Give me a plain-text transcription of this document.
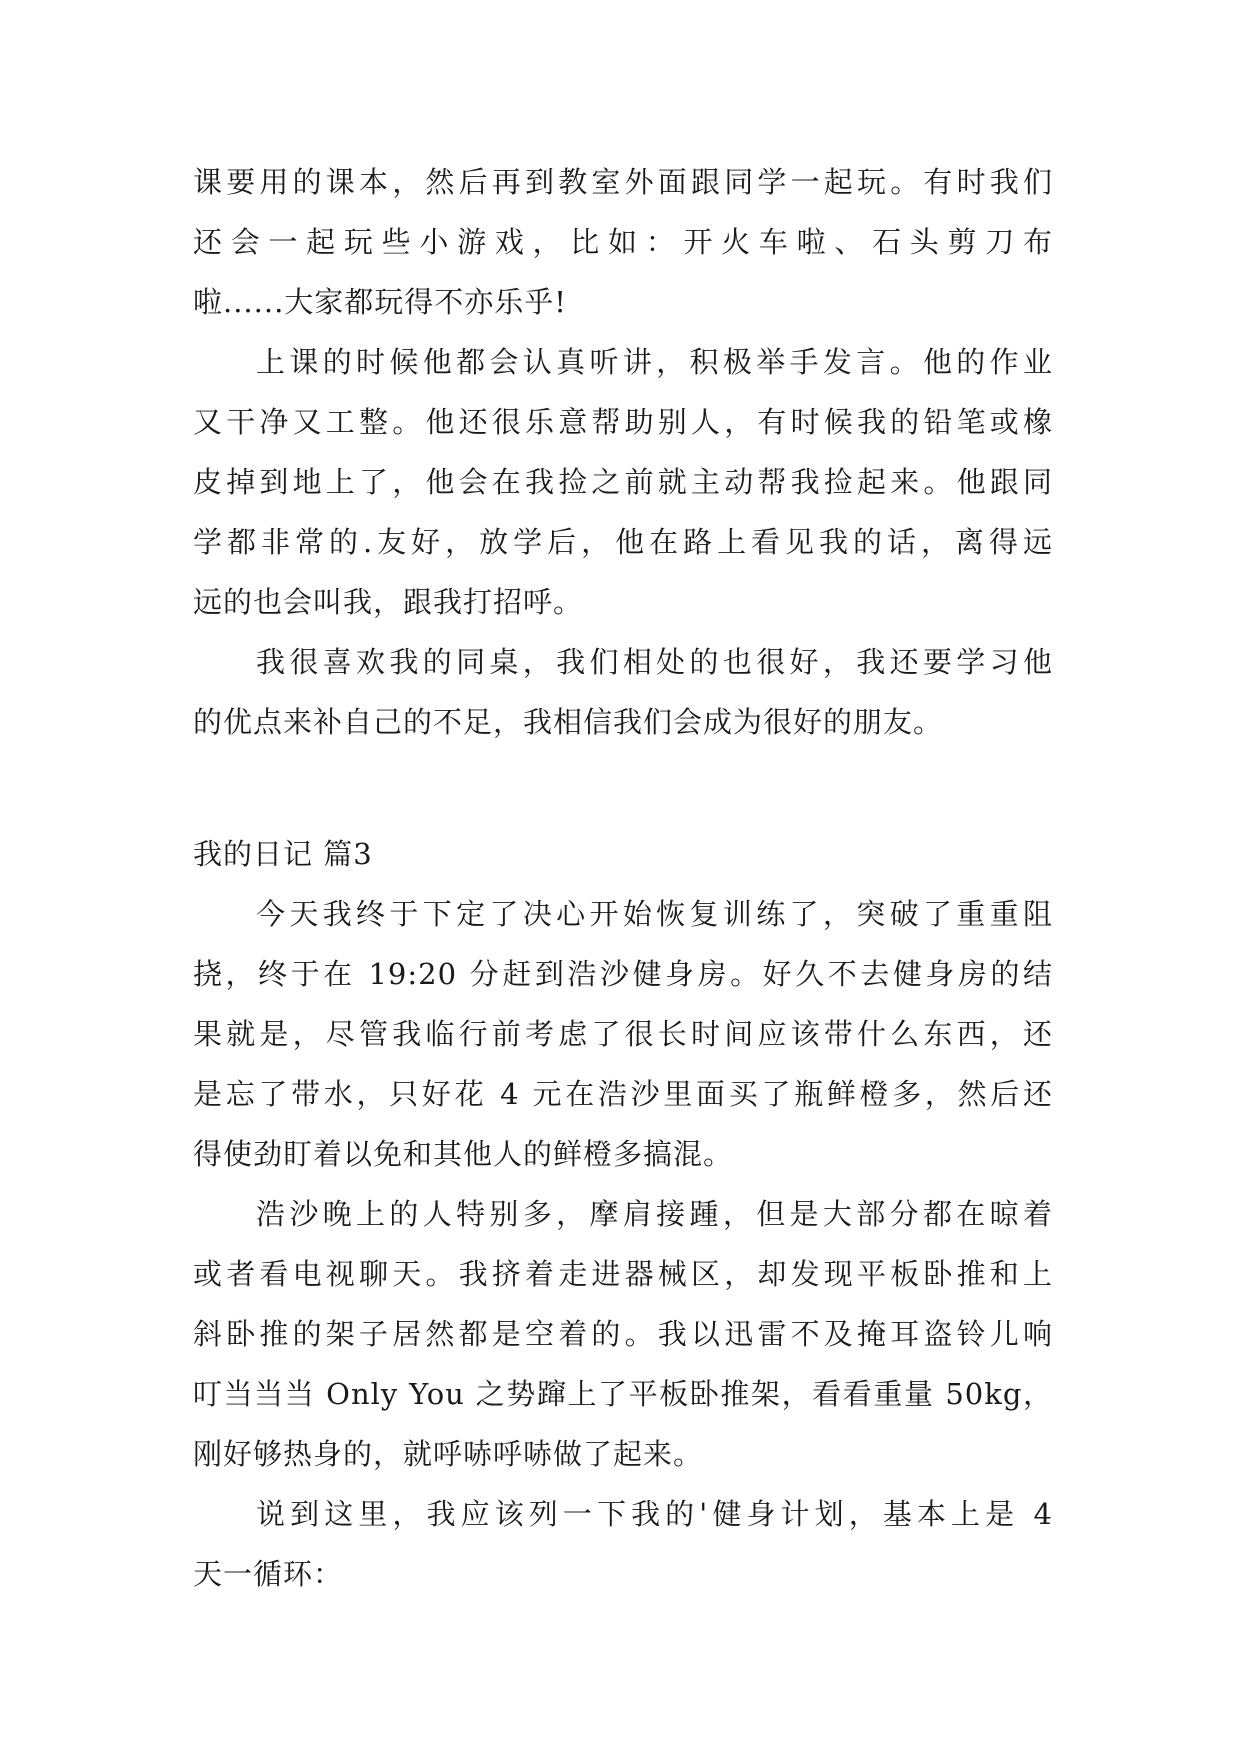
课要用的课本，然后再到教室外面跟同学一起玩。有时我们
还会一起玩些小游戏，比如：开火车啦、石头剪刀布
啦......大家都玩得不亦乐乎!
上课的时候他都会认真听讲，积极举手发言。他的作业
又干净又工整。他还很乐意帮助别人，有时候我的铅笔或橡
皮掉到地上了，他会在我捡之前就主动帮我捡起来。他跟同
学都非常的.友好，放学后，他在路上看见我的话，离得远
远的也会叫我，跟我打招呼。
我很喜欢我的同桌，我们相处的也很好，我还要学习他
的优点来补自己的不足，我相信我们会成为很好的朋友。
我的日记 篇3
今天我终于下定了决心开始恢复训练了，突破了重重阻
挠，终于在 19:20 分赶到浩沙健身房。好久不去健身房的结
果就是，尽管我临行前考虑了很长时间应该带什么东西，还
是忘了带水，只好花 4 元在浩沙里面买了瓶鲜橙多，然后还
得使劲盯着以免和其他人的鲜橙多搞混。
浩沙晚上的人特别多，摩肩接踵，但是大部分都在晾着
或者看电视聊天。我挤着走进器械区，却发现平板卧推和上
斜卧推的架子居然都是空着的。我以迅雷不及掩耳盗铃儿响
叮当当当 Only You 之势蹿上了平板卧推架，看看重量 50kg，
刚好够热身的，就呼哧呼哧做了起来。
说到这里，我应该列一下我的'健身计划，基本上是 4
天一循环：
